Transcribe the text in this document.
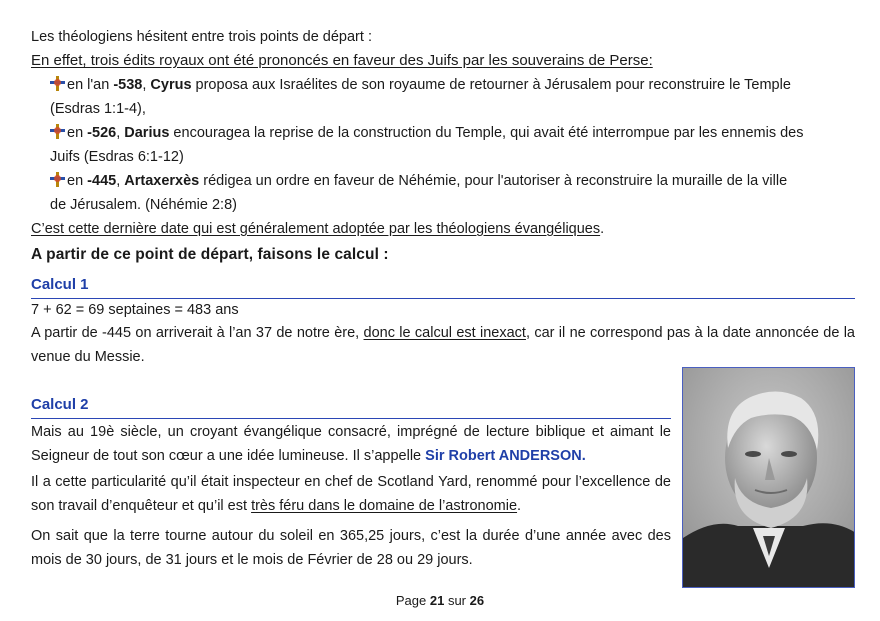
Les théologiens hésitent entre trois points de départ :
En effet, trois édits royaux ont été prononcés en faveur des Juifs par les souverains de Perse:
en l'an -538, Cyrus proposa aux Israélites de son royaume de retourner à Jérusalem pour reconstruire le Temple
(Esdras 1:1-4),
en -526, Darius encouragea la reprise de la construction du Temple, qui avait été interrompue par les ennemis des
Juifs (Esdras 6:1-12)
en -445, Artaxerxès rédigea un ordre en faveur de Néhémie, pour l'autoriser à reconstruire la muraille de la ville
de Jérusalem. (Néhémie 2:8)
C’est cette dernière date qui est généralement adoptée par les théologiens évangéliques.
A partir de ce point de départ, faisons le calcul :
Calcul 1
7 + 62 = 69 septaines = 483 ans
A partir de -445 on arriverait à l’an 37 de notre ère, donc le calcul est inexact, car il ne correspond pas à la date annoncée de la venue du Messie.
Calcul 2
Mais au 19è siècle, un croyant évangélique consacré, imprégné de lecture biblique et aimant le Seigneur de tout son cœur a une idée lumineuse. Il s’appelle Sir Robert ANDERSON.
Il a cette particularité qu’il était inspecteur en chef de Scotland Yard, renommé pour l’excellence de son travail d’enquêteur et qu’il est très féru dans le domaine de l’astronomie.
On sait que la terre tourne autour du soleil en 365,25 jours, c’est la durée d’une année avec des mois de 30 jours, de 31 jours et le mois de Février de 28 ou 29 jours.
Page 21 sur 26
